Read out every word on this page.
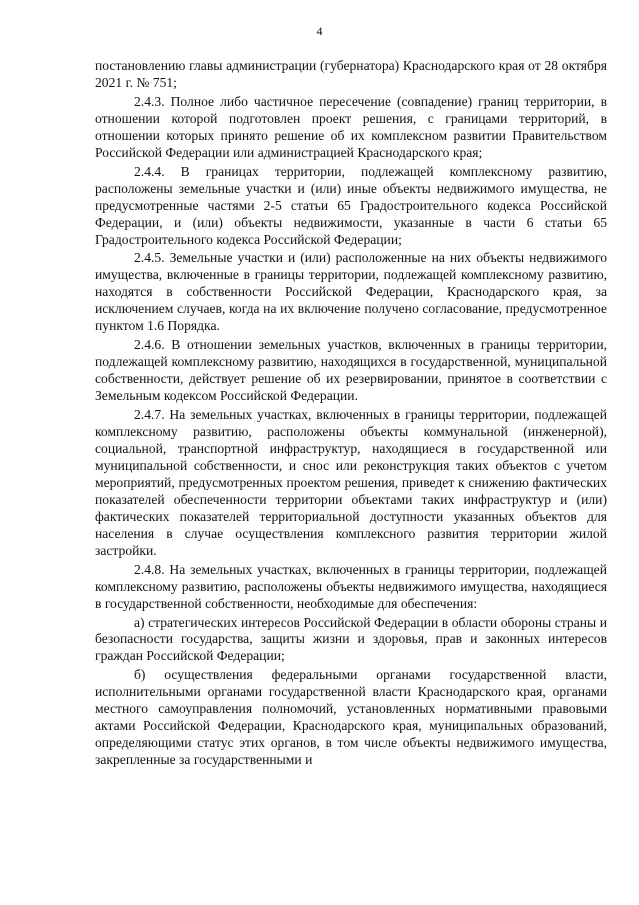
4

постановлению главы администрации (губернатора) Краснодарского края от 28 октября 2021 г. № 751;

2.4.3. Полное либо частичное пересечение (совпадение) границ территории, в отношении которой подготовлен проект решения, с границами территорий, в отношении которых принято решение об их комплексном развитии Правительством Российской Федерации или администрацией Краснодарского края;

2.4.4. В границах территории, подлежащей комплексному развитию, расположены земельные участки и (или) иные объекты недвижимого имущества, не предусмотренные частями 2-5 статьи 65 Градостроительного кодекса Российской Федерации, и (или) объекты недвижимости, указанные в части 6 статьи 65 Градостроительного кодекса Российской Федерации;

2.4.5. Земельные участки и (или) расположенные на них объекты недвижимого имущества, включенные в границы территории, подлежащей комплексному развитию, находятся в собственности Российской Федерации, Краснодарского края, за исключением случаев, когда на их включение получено согласование, предусмотренное пунктом 1.6 Порядка.

2.4.6. В отношении земельных участков, включенных в границы территории, подлежащей комплексному развитию, находящихся в государственной, муниципальной собственности, действует решение об их резервировании, принятое в соответствии с Земельным кодексом Российской Федерации.

2.4.7. На земельных участках, включенных в границы территории, подлежащей комплексному развитию, расположены объекты коммунальной (инженерной), социальной, транспортной инфраструктур, находящиеся в государственной или муниципальной собственности, и снос или реконструкция таких объектов с учетом мероприятий, предусмотренных проектом решения, приведет к снижению фактических показателей обеспеченности территории объектами таких инфраструктур и (или) фактических показателей территориальной доступности указанных объектов для населения в случае осуществления комплексного развития территории жилой застройки.

2.4.8. На земельных участках, включенных в границы территории, подлежащей комплексному развитию, расположены объекты недвижимого имущества, находящиеся в государственной собственности, необходимые для обеспечения:

а) стратегических интересов Российской Федерации в области обороны страны и безопасности государства, защиты жизни и здоровья, прав и законных интересов граждан Российской Федерации;

б) осуществления федеральными органами государственной власти, исполнительными органами государственной власти Краснодарского края, органами местного самоуправления полномочий, установленных нормативными правовыми актами Российской Федерации, Краснодарского края, муниципальных образований, определяющими статус этих органов, в том числе объекты недвижимого имущества, закрепленные за государственными и
